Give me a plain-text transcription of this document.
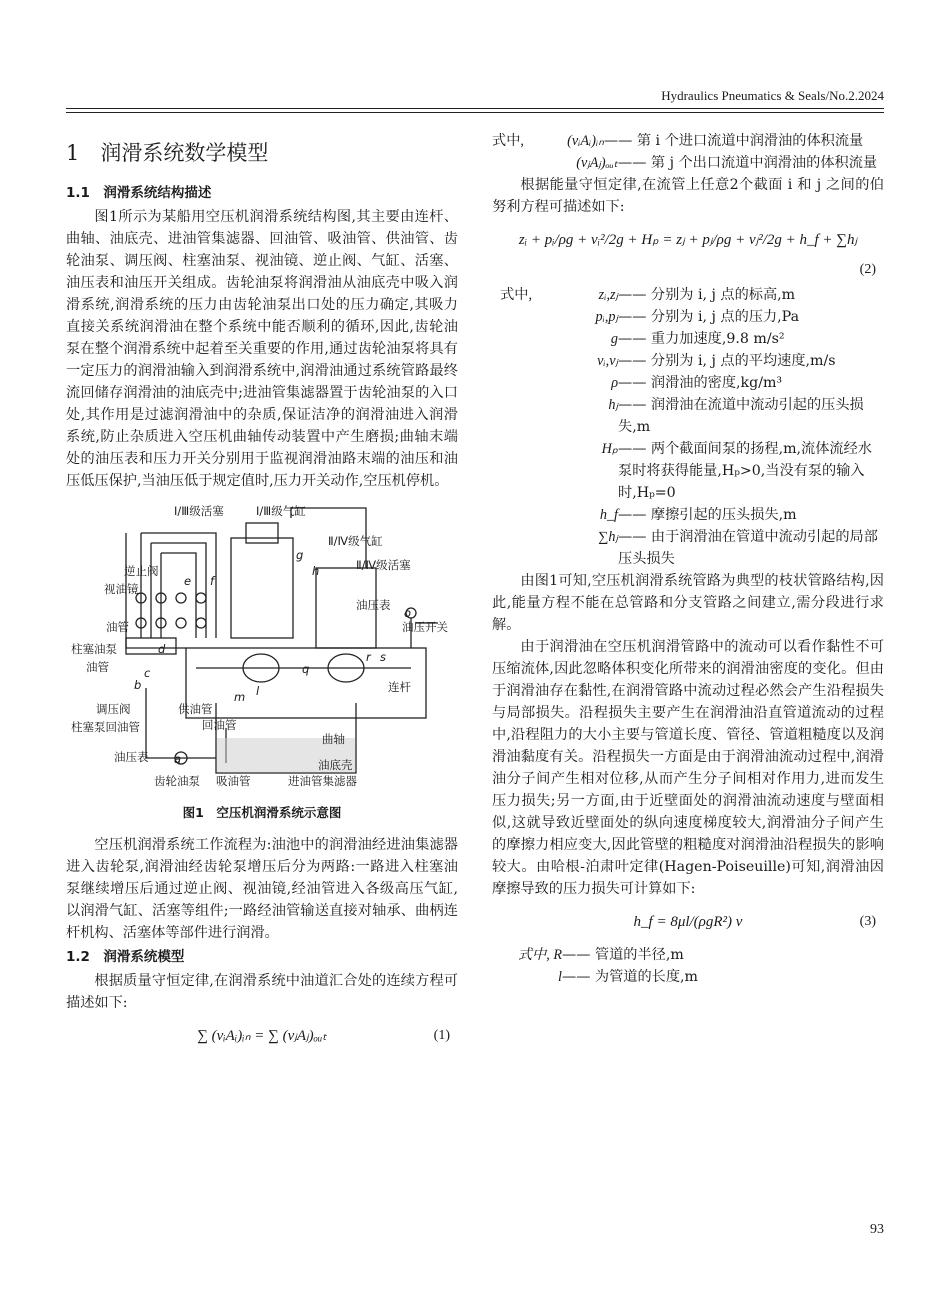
Hydraulics Pneumatics & Seals/No.2.2024
1　润滑系统数学模型
1.1　润滑系统结构描述

图1所示为某船用空压机润滑系统结构图,其主要由连杆、曲轴、油底壳、进油管集滤器、回油管、吸油管、供油管、齿轮油泵、调压阀、柱塞油泵、视油镜、逆止阀、气缸、活塞、油压表和油压开关组成。齿轮油泵将润滑油从油底壳中吸入润滑系统,润滑系统的压力由齿轮油泵出口处的压力确定,其吸力直接关系统润滑油在整个系统中能否顺利的循环,因此,齿轮油泵在整个润滑系统中起着至关重要的作用,通过齿轮油泵将具有一定压力的润滑油输入到润滑系统中,润滑油通过系统管路最终流回储存润滑油的油底壳中;进油管集滤器置于齿轮油泵的入口处,其作用是过滤润滑油中的杂质,保证洁净的润滑油进入润滑系统,防止杂质进入空压机曲轴传动装置中产生磨损;曲轴末端处的油压表和压力开关分别用于监视润滑油路末端的油压和油压低压保护,当油压低于规定值时,压力开关动作,空压机停机。

Ⅰ/Ⅲ级活塞	Ⅰ/Ⅲ级气缸
Ⅱ/Ⅳ级气缸
Ⅱ/Ⅳ级活塞
逆止阀
视油镜
油管
柱塞油泵
油管
油压表
油压开关
连杆
调压阀	供油管
回油管
柱塞泵回油管
曲轴
油压表
油底壳
齿轮油泵 吸油管	进油管集滤器
a
b
c
d
e f
g
h
l
q
r s
o
m
图1　空压机润滑系统示意图

空压机润滑系统工作流程为:油池中的润滑油经进油集滤器进入齿轮泵,润滑油经齿轮泵增压后分为两路:一路进入柱塞油泵继续增压后通过逆止阀、视油镜,经油管进入各级高压气缸,以润滑气缸、活塞等组件;一路经油管输送直接对轴承、曲柄连杆机构、活塞体等部件进行润滑。

1.2　润滑系统模型

根据质量守恒定律,在润滑系统中油道汇合处的连续方程可描述如下:

∑ (vᵢAᵢ)ᵢₙ = ∑ (vⱼAⱼ)ₒᵤₜ	(1)
式中,	(vᵢAᵢ)ᵢₙ —— 第 i 个进口流道中润滑油的体积流量
(vⱼAⱼ)ₒᵤₜ —— 第 j 个出口流道中润滑油的体积流量

根据能量守恒定律,在流管上任意2个截面 i 和 j 之间的伯努利方程可描述如下:

zᵢ + pᵢ/ρg + vᵢ²/2g + Hₚ = zⱼ + pⱼ/ρg + vⱼ²/2g + h_f + ∑hⱼ
(2)
式中,	zᵢ,zⱼ —— 分别为 i, j 点的标高,m
pᵢ,pⱼ —— 分别为 i, j 点的压力,Pa
g —— 重力加速度,9.8 m/s²
vᵢ,vⱼ —— 分别为 i, j 点的平均速度,m/s
ρ —— 润滑油的密度,kg/m³
hⱼ —— 润滑油在流道中流动引起的压头损失,m
Hₚ —— 两个截面间泵的扬程,m,流体流经水泵时将获得能量,Hₚ>0,当没有泵的输入时,Hₚ=0
h_f —— 摩擦引起的压头损失,m
∑hⱼ —— 由于润滑油在管道中流动引起的局部压头损失

由图1可知,空压机润滑系统管路为典型的枝状管路结构,因此,能量方程不能在总管路和分支管路之间建立,需分段进行求解。

由于润滑油在空压机润滑管路中的流动可以看作黏性不可压缩流体,因此忽略体积变化所带来的润滑油密度的变化。但由于润滑油存在黏性,在润滑管路中流动过程必然会产生沿程损失与局部损失。沿程损失主要产生在润滑油沿直管道流动的过程中,沿程阻力的大小主要与管道长度、管径、管道粗糙度以及润滑油黏度有关。沿程损失一方面是由于润滑油流动过程中,润滑油分子间产生相对位移,从而产生分子间相对作用力,进而发生压力损失;另一方面,由于近壁面处的润滑油流动速度与壁面相似,这就导致近壁面处的纵向速度梯度较大,润滑油分子间产生的摩擦力相应变大,因此管壁的粗糙度对润滑油沿程损失的影响较大。由哈根-泊肃叶定律(Hagen-Poiseuille)可知,润滑油因摩擦导致的压力损失可计算如下:

h_f = 8μl/(ρgR²) v	(3)
式中, R —— 管道的半径,m
l —— 为管道的长度,m
93
